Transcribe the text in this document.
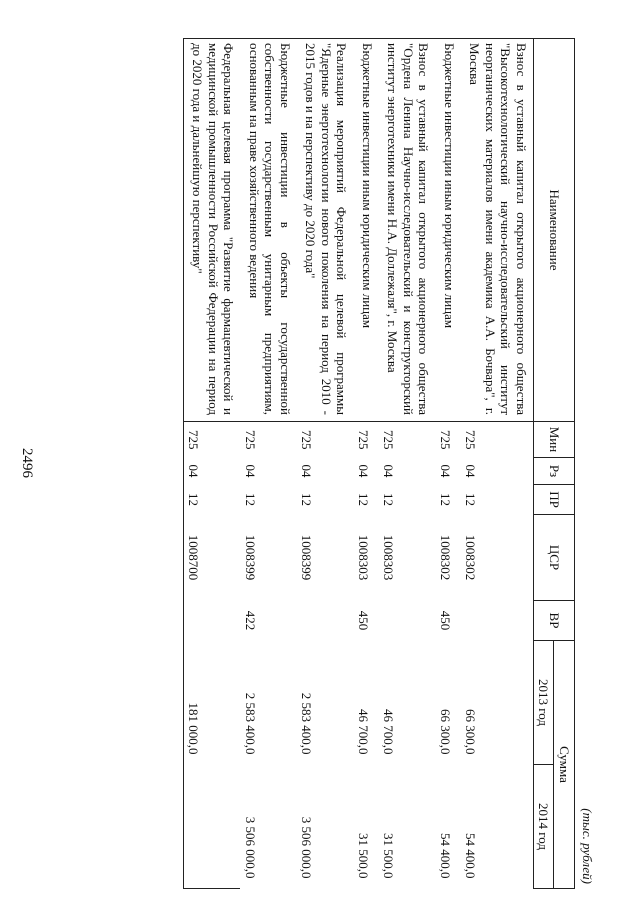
2496
(тыс. рублей)
Наименование	Мин	Рз	ПР	ЦСР	ВР	Сумма	
						2013 год	2014 год
Взнос в уставный капитал открытого акционерного общества "Высокотехнологический научно-исследовательский институт неорганических материалов имени академика А.А. Бочвара", г. Москва	725	04	12	1008302		66 300,0	54 400,0
Бюджетные инвестиции иным юридическим лицам	725	04	12	1008302	450	66 300,0	54 400,0
Взнос в уставный капитал открытого акционерного общества "Ордена Ленина Научно-исследовательский и конструкторский институт энерготехники имени Н.А. Доллежаля", г. Москва	725	04	12	1008303		46 700,0	31 500,0
Бюджетные инвестиции иным юридическим лицам	725	04	12	1008303	450	46 700,0	31 500,0
Реализация мероприятий Федеральной целевой программы "Ядерные энерготехнологии нового поколения на период 2010 - 2015 годов и на перспективу до 2020 года"	725	04	12	1008399		2 583 400,0	3 506 000,0
Бюджетные инвестиции в объекты государственной собственности государственным унитарным предприятиям, основанным на праве хозяйственного ведения	725	04	12	1008399	422	2 583 400,0	3 506 000,0
Федеральная целевая программа "Развитие фармацевтической и медицинской промышленности Российской Федерации на период до 2020 года и дальнейшую перспективу"	725	04	12	1008700		181 000,0	
